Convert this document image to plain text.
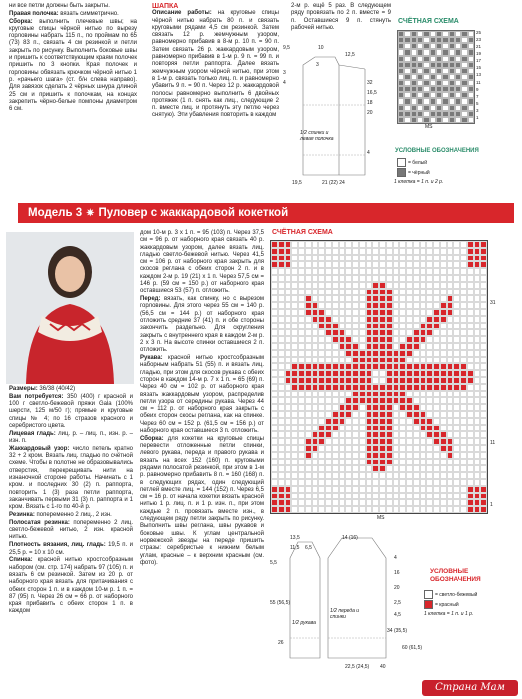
ни все петли должны быть закрыты.

Правая полочка: вязать симметрично.

Сборка: выполнить плечевые швы; на круговые спицы чёрной нитью по вырезу горловины набрать 115 п., по проймам по 65 (73) 83 п., связать 4 см резинкой и петли закрыть по рисунку. Выполнить боковые швы и пришить к соответствующим краям полочек пришить по 3 кнопки. Края полочек и горловины обвязать крючком чёрной нитью 1 р. «рачьего шага» (ст. б/н слева направо). Для завязок сделать 2 чёрных шнура длиной 25 см и пришить к полочкам, на концах закрепить чёрно-белые помпоны диаметром 6 см.

ШАПКА

Описание работы: на круговые спицы чёрной нитью набрать 80 п. и связать круговыми рядами 4,5 см резинкой. Затем связать 12 р. жемчужным узором, равномерно прибавив в 8-м р. 10 п. = 90 п. Затем связать 26 р. жаккардовым узором, равномерно прибавив в 1-м р. 9 п. = 99 п. и повторяя петли раппорта. Далее вязать жемчужным узором чёрной нитью, при этом в 1-м р. связать только лиц. п. и равномерно убавить 9 п. = 90 п. Через 12 р. жаккардовой полосы равномерно выполнить 6 двойных протяжек (1 п. снять как лиц., следующие 2 п. вместе лиц. и протянуть эту петлю через снятую). Эти убавления повторить в каждом

2-м р. ещё 5 раз. В следующем ряду провязать по 2 п. вместе = 9 п. Оставшиеся 9 п. стянуть рабочей нитью.

1/2 спинки и левая полочка
19,5	21 (22) 24
32
16,5
18
20
3
4
3
9,5	10
12,5
4
СЧЁТНАЯ СХЕМА
25
23
21
19
17
15
13
11
9
7
5
3
1
MS
УСЛОВНЫЕ ОБОЗНАЧЕНИЯ
= белый
= чёрный
1 клетка = 1 п. и 2 р.
Модель 3 ✷ Пуловер с жаккардовой кокеткой

Размеры: 36/38 (40/42)

Вам потребуется: 350 (400) г красной и 100 г светло-бежевой пряжи Gala (100% шерсти, 125 м/50 г); прямые и круговые спицы № 4; по 16 стразов красного и серебристого цвета.

Лицевая гладь: лиц. р. – лиц. п., изн. р. – изн. п.

Жаккардовый узор: число петель кратно 32 + 2 кром. Вязать лиц. гладью по счётной схеме. Чтобы в полотне не образовывались отверстия, перекрещивать нити на изнаночной стороне работы. Начинать с 1 кром. и последних 30 (2) п. раппорта, повторить 1 (3) раза петли раппорта, заканчивать первыми 31 (3) п. раппорта и 1 кром. Вязать с 1-го по 40-й р.

Резинка: попеременно 2 лиц., 2 изн.

Полосатая резинка: попеременно 2 лиц. светло-бежевой нитью, 2 изн. красной нитью.

Плотность вязания, лиц. гладь: 19,5 п. и 25,5 р. = 10 x 10 см.

Спинка: красной нитью кростсобразным набором (см. стр. 174) набрать 97 (105) п. и вязать 6 см резинкой. Затем из 20 р. от наборного края вязать для притачивания с обеих сторон 1 п. и в каждом 10-м р. 1 п. = 87 (95) п. Через 26 см = 66 р. от наборного края прибавить с обеих сторон 1 п. в каждом

дом 10-м р. 3 x 1 п. = 95 (103) п. Через 37,5 см = 96 р. от наборного края связать 40 р. жаккардовым узором, далее вязать лиц. гладью светло-бежевой нитью. Через 41,5 см = 106 р. от наборного края закрыть для скосов реглана с обеих сторон 2 п. и в каждом 2-м р. 19 (21) x 1 п. Через 57,5 см = 146 р. (59 см = 150 р.) от наборного края оставшиеся 53 (57) п. отложить.

Перед: вязать, как спинку, но с вырезом горловины. Для этого через 55 см = 140 р. (56,5 см = 144 р.) от наборного края отложить средние 37 (41) п. и обе стороны закончить раздельно. Для скругления закрыть с внутреннего края в каждом 2-м р. 2 x 3 п. На высоте спинки оставшиеся 2 п. отложить.

Рукава: красной нитью кростсобразным наборным набрать 51 (55) п. и вязать лиц. гладью, при этом для скосов рукава с обеих сторон в каждом 14-м р. 7 x 1 п. = 65 (69) п. Через 40 см = 102 р. от наборного края вязать жаккардовым узором, распределив петли узора от середины рукава. Через 44 см = 112 р. от наборного края закрыть с обеих сторон скосы реглана, как на спинке. Через 60 см = 152 р. (61,5 см = 156 р.) от наборного края оставшиеся 3 п. отложить.

Сборка: для кокетки на круговые спицы перевести отложенные петли спинки, левого рукава, переда и правого рукава и вязать на всех 152 (160) п. круговыми рядами полосатой резинкой, при этом в 1-м р. равномерно прибавить 8 п. = 160 (168) п. в следующих рядах, один следующий петлей вместе лиц. = 144 (152) п. Через 6,5 см = 16 р. от начала кокетки вязать красной нитью 1 р. лиц. п. и 1 р. изн. п., при этом каждые 2 п. провязать вместе изн., в следующем ряду петли закрыть по рисунку. Выполнить швы реглана, швы рукавов и боковые швы. К углам центральной норвежской звезды на переде пришить стразы: серебристые к нижним белым углам, красные – к верхним красным (см. фото).

СЧЁТНАЯ СХЕМА
31
11
1
MS
1/2 рукава
1/2 переда и спинки
13,5
11,5
14 (16)
6,5
5,5
55 (56,5)
26
22,5 (24,5)
4
16
20
2,5
4,5
34 (35,5)
60 (61,5)
40
УСЛОВНЫЕ ОБОЗНАЧЕНИЯ
= светло-бежевый
= красный
1 клетка = 1 п. и 1 р.
Страна Мам
